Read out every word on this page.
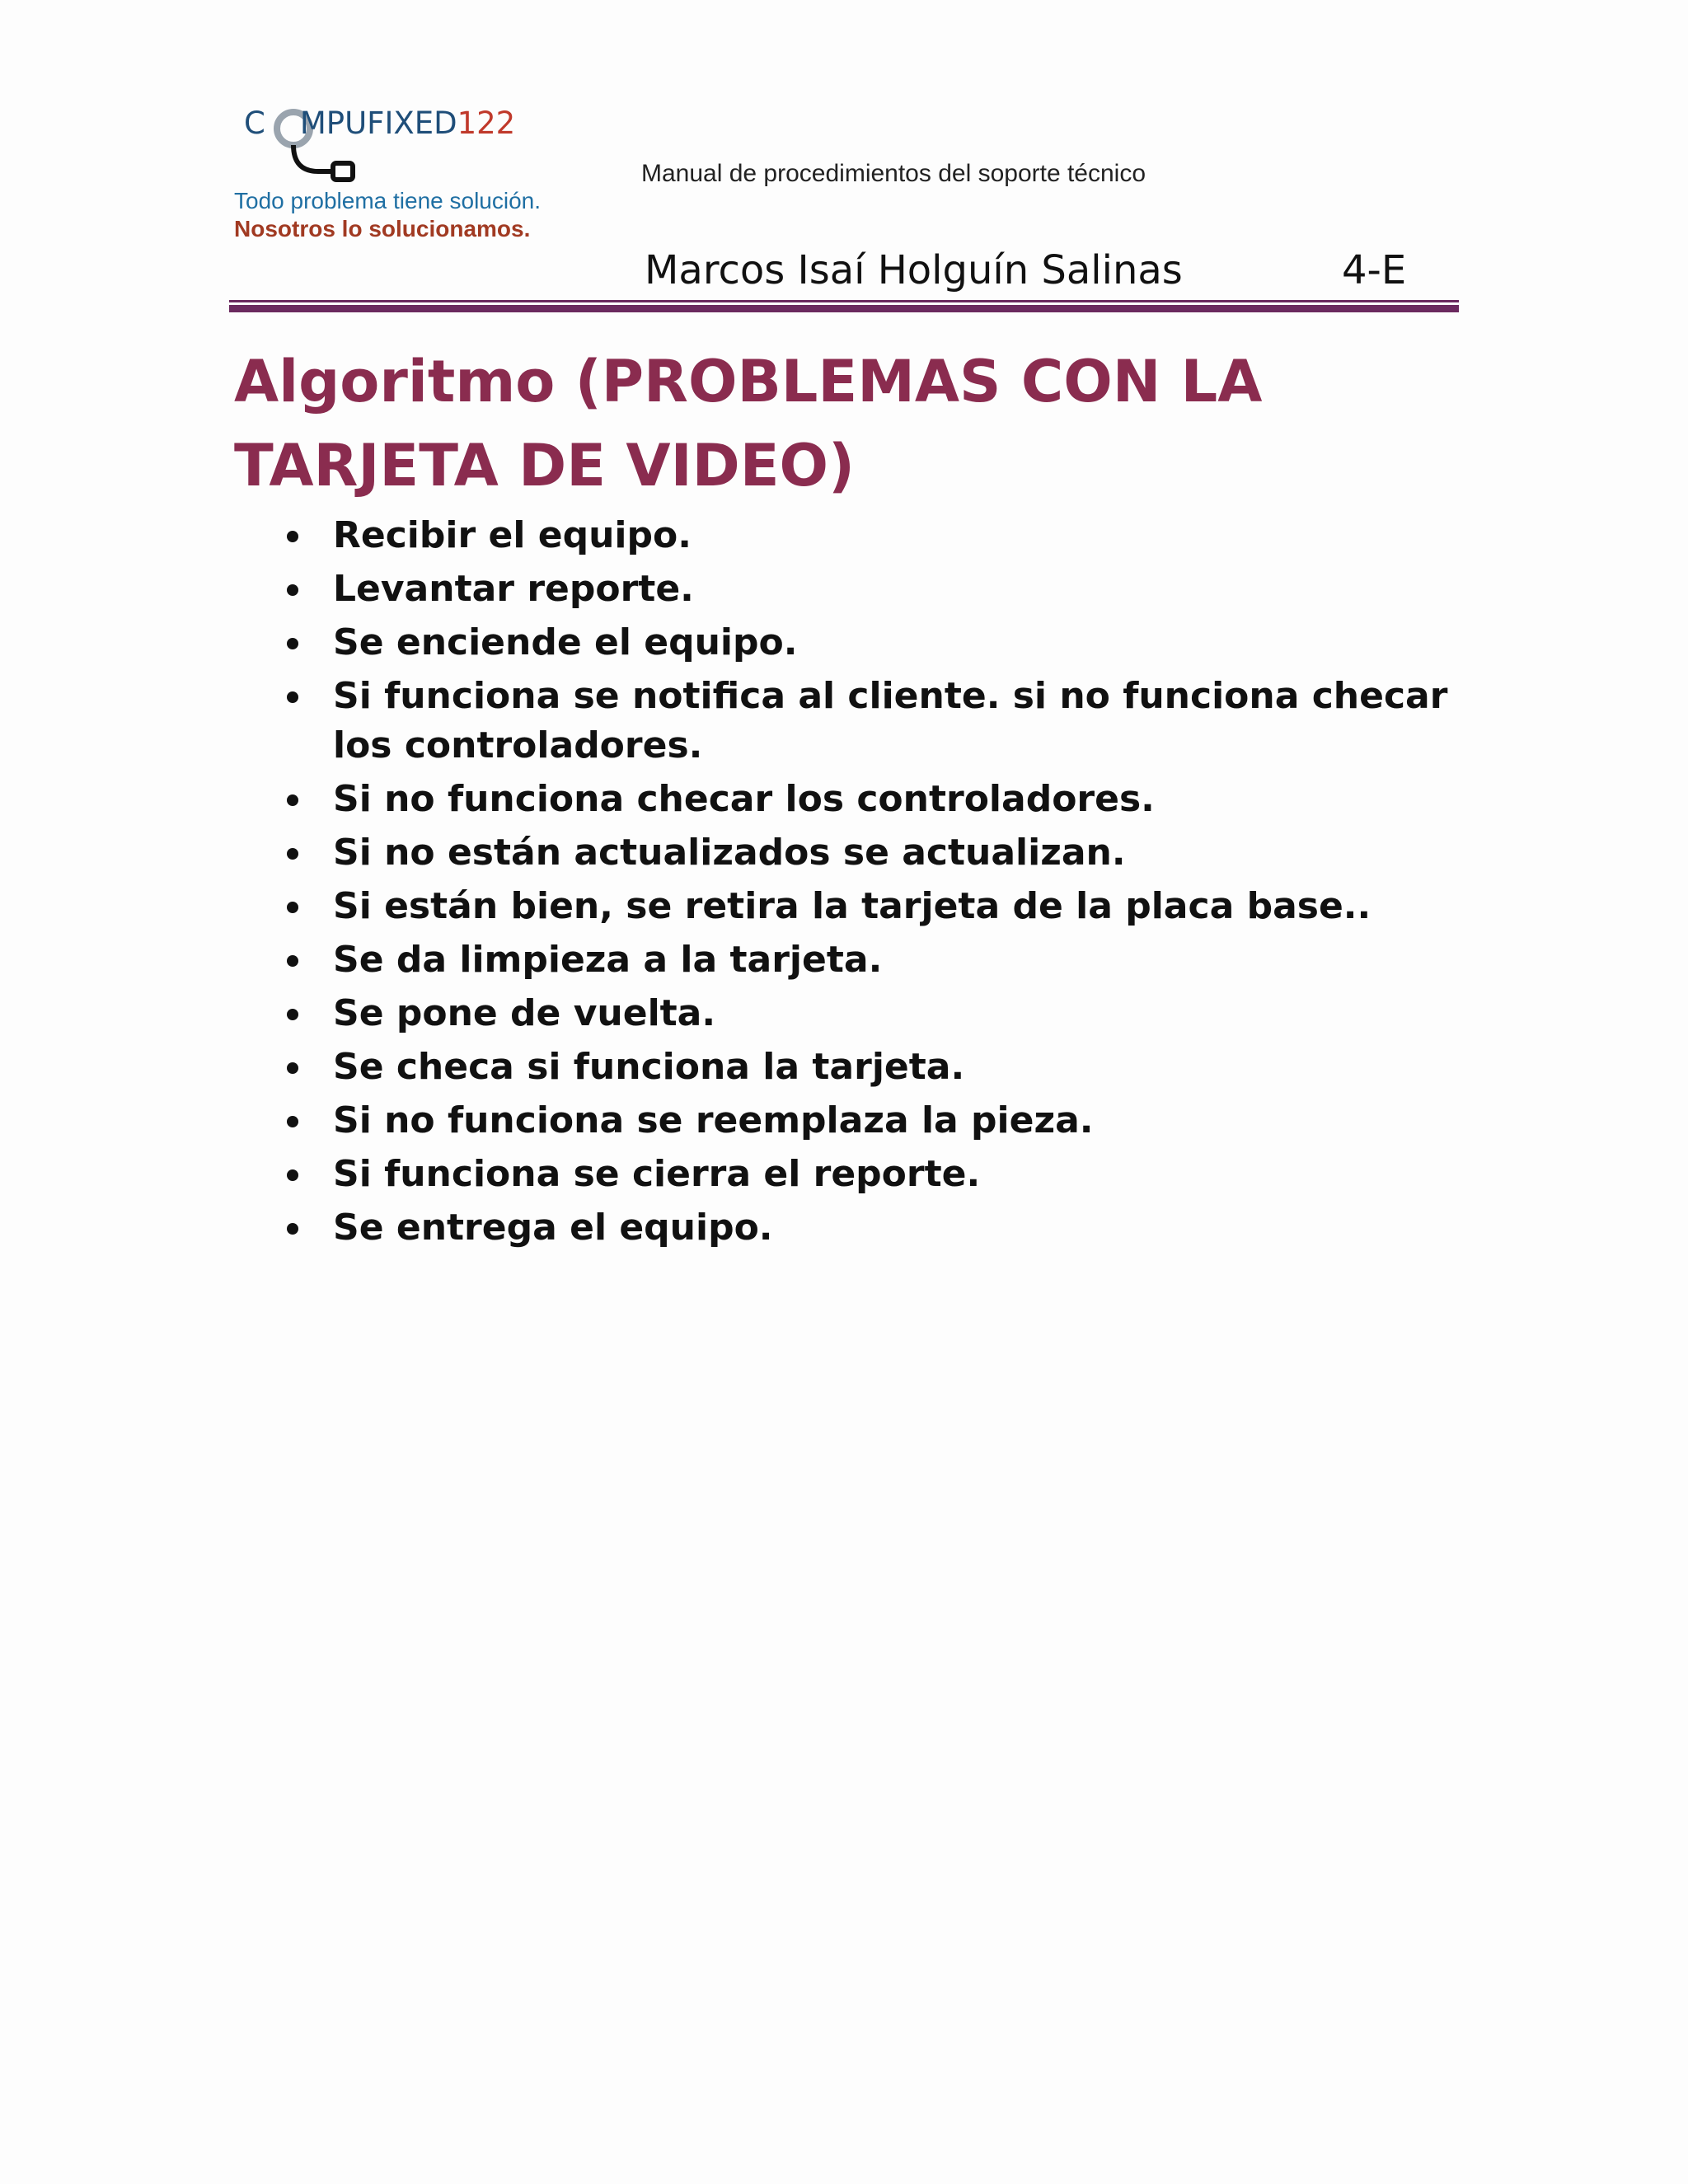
C MPUFIXED122
Todo problema tiene solución.
Nosotros lo solucionamos.
Manual de procedimientos del soporte técnico
Marcos Isaí Holguín Salinas	4-E
Algoritmo (PROBLEMAS CON LA TARJETA DE VIDEO)
Recibir el equipo.
Levantar reporte.
Se enciende el equipo.
Si funciona se notifica al cliente. si no funciona checar los controladores.
Si no funciona checar los controladores.
Si no están actualizados se actualizan.
Si están bien, se retira la tarjeta de la placa base..
Se da limpieza a la tarjeta.
Se pone de vuelta.
Se checa si funciona la tarjeta.
Si no funciona se reemplaza la pieza.
Si funciona se cierra el reporte.
Se entrega el equipo.
